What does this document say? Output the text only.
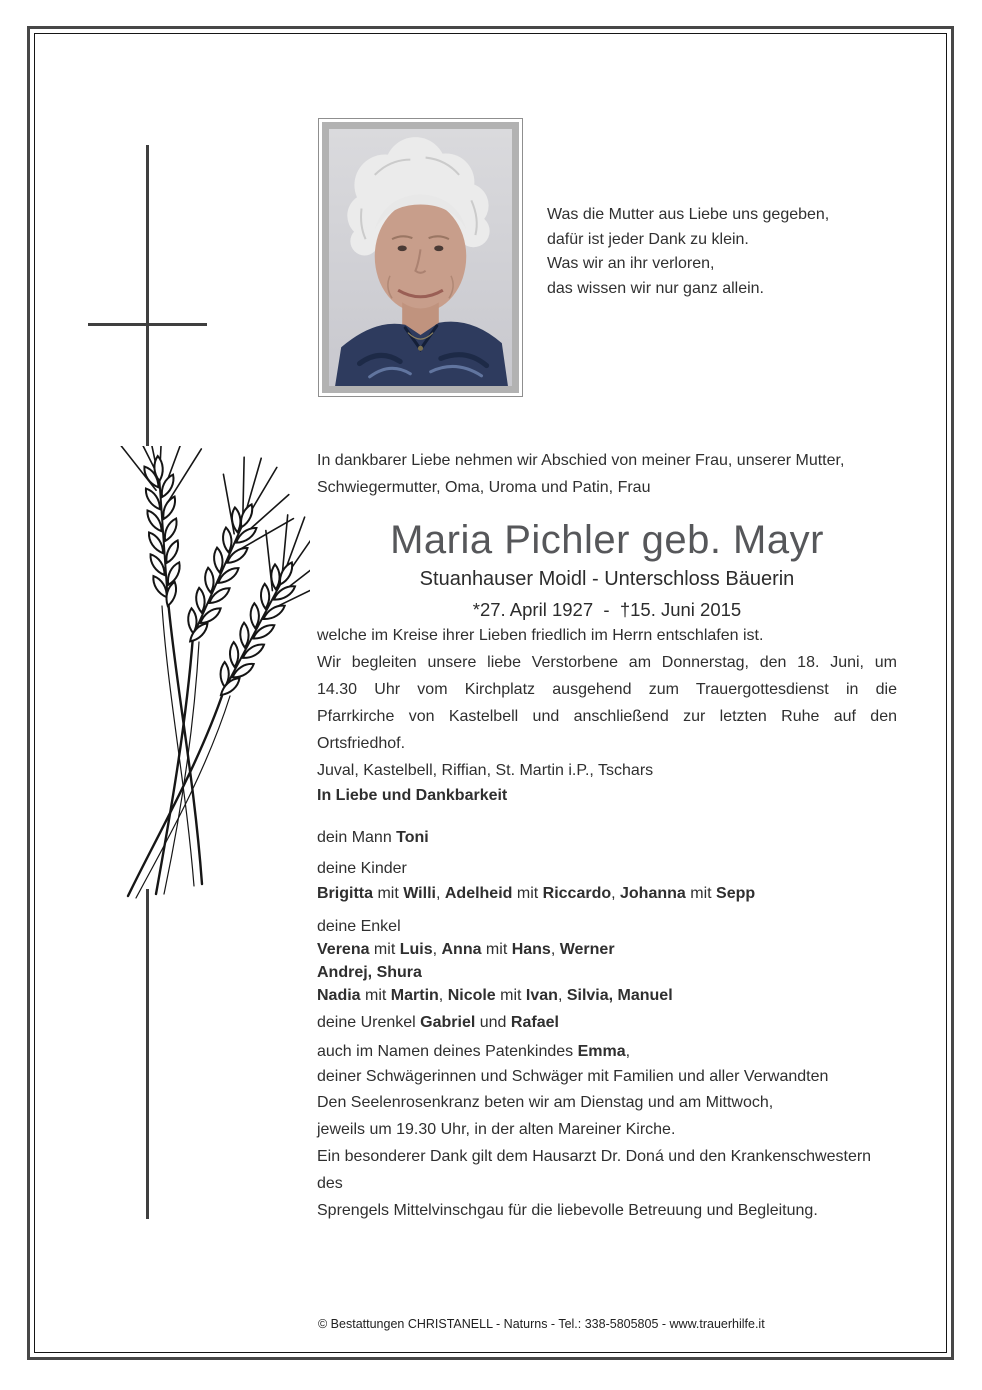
Was die Mutter aus Liebe uns gegeben,
dafür ist jeder Dank zu klein.
Was wir an ihr verloren,
das wissen wir nur ganz allein.

In dankbarer Liebe nehmen wir Abschied von meiner Frau, unserer Mutter,
Schwiegermutter, Oma, Uroma und Patin, Frau

Maria Pichler geb. Mayr
Stuanhauser Moidl - Unterschloss Bäuerin
*27. April 1927  -  †15. Juni 2015

welche im Kreise ihrer Lieben friedlich im Herrn entschlafen ist.

Wir begleiten unsere liebe Verstorbene am Donnerstag, den 18. Juni, um 14.30 Uhr vom Kirchplatz ausgehend zum Trauergottesdienst in die Pfarrkirche von Kastelbell und anschließend zur letzten Ruhe auf den Ortsfriedhof.

Juval, Kastelbell, Riffian, St. Martin i.P., Tschars

In Liebe und Dankbarkeit

dein Mann Toni
deine Kinder
Brigitta mit Willi, Adelheid mit Riccardo, Johanna mit Sepp
deine Enkel
Verena mit Luis, Anna mit Hans, Werner
Andrej, Shura
Nadia mit Martin, Nicole mit Ivan, Silvia, Manuel
deine Urenkel Gabriel und Rafael
auch im Namen deines Patenkindes Emma,
deiner Schwägerinnen und Schwäger mit Familien und aller Verwandten

Den Seelenrosenkranz beten wir am Dienstag und am Mittwoch,
jeweils um 19.30 Uhr, in der alten Mareiner Kirche.

Ein besonderer Dank gilt dem Hausarzt Dr. Doná und den Krankenschwestern des
Sprengels Mittelvinschgau für die liebevolle Betreuung und Begleitung.

© Bestattungen CHRISTANELL - Naturns - Tel.: 338-5805805 - www.trauerhilfe.it
